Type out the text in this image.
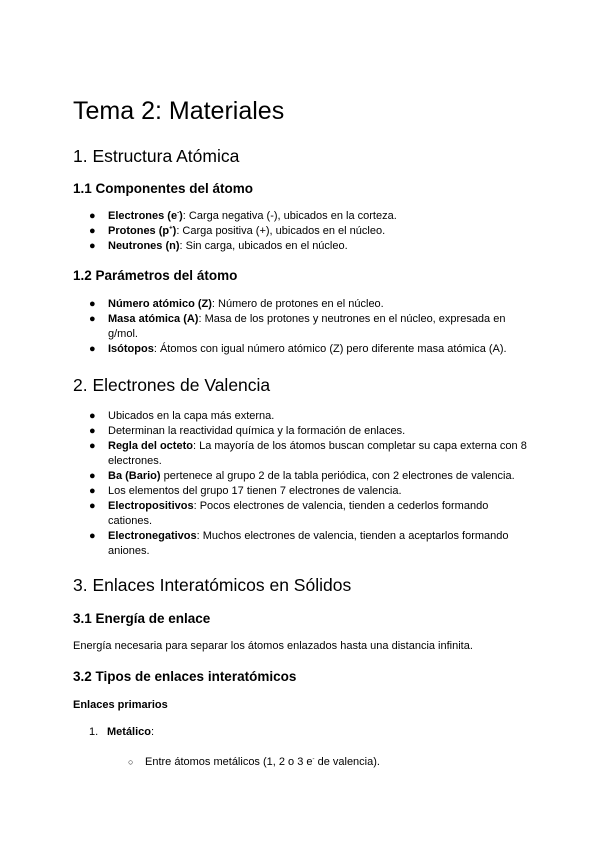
Tema 2: Materiales
1. Estructura Atómica
1.1 Componentes del átomo
● Electrones (e-): Carga negativa (-), ubicados en la corteza.
● Protones (p+): Carga positiva (+), ubicados en el núcleo.
● Neutrones (n): Sin carga, ubicados en el núcleo.
1.2 Parámetros del átomo
● Número atómico (Z): Número de protones en el núcleo.
● Masa atómica (A): Masa de los protones y neutrones en el núcleo, expresada en g/mol.
● Isótopos: Átomos con igual número atómico (Z) pero diferente masa atómica (A).
2. Electrones de Valencia
● Ubicados en la capa más externa.
● Determinan la reactividad química y la formación de enlaces.
● Regla del octeto: La mayoría de los átomos buscan completar su capa externa con 8 electrones.
● Ba (Bario) pertenece al grupo 2 de la tabla periódica, con 2 electrones de valencia.
● Los elementos del grupo 17 tienen 7 electrones de valencia.
● Electropositivos: Pocos electrones de valencia, tienden a cederlos formando cationes.
● Electronegativos: Muchos electrones de valencia, tienden a aceptarlos formando aniones.
3. Enlaces Interatómicos en Sólidos
3.1 Energía de enlace

Energía necesaria para separar los átomos enlazados hasta una distancia infinita.

3.2 Tipos de enlaces interatómicos
Enlaces primarios
1. Metálico:
○ Entre átomos metálicos (1, 2 o 3 e- de valencia).
